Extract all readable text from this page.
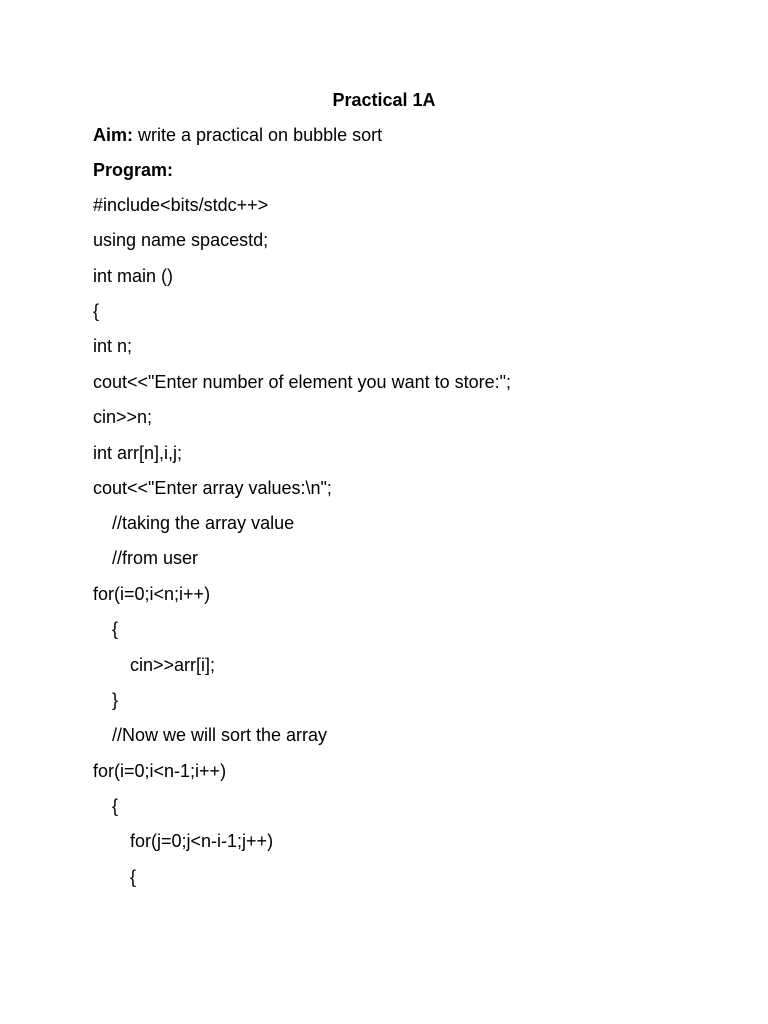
Practical 1A
Aim: write a practical on bubble sort
Program:
#include<bits/stdc++>
using name spacestd;
int main ()
{
int n;
cout<<"Enter number of element you want to store:";
cin>>n;
int arr[n],i,j;
cout<<"Enter array values:\n";
//taking the array value
//from user
for(i=0;i<n;i++)
{
cin>>arr[i];
}
//Now we will sort the array
for(i=0;i<n-1;i++)
{
for(j=0;j<n-i-1;j++)
{
